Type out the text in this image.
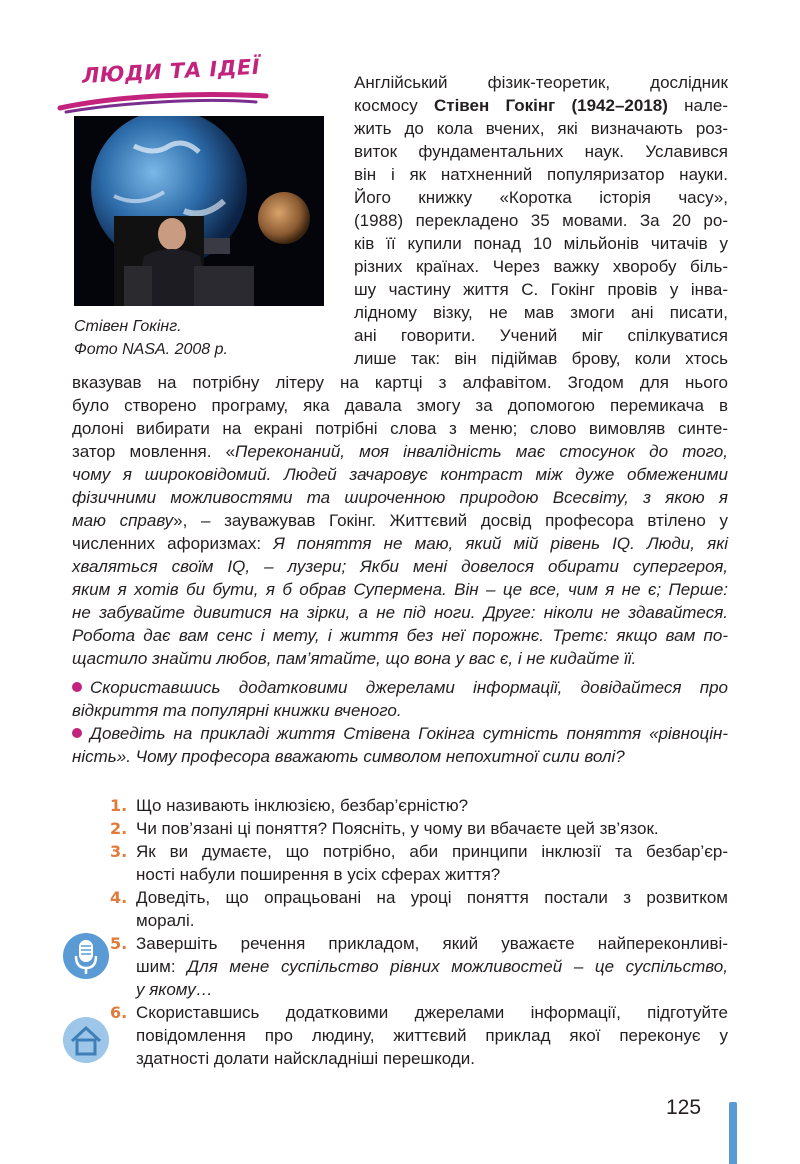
ЛЮДИ ТА ІДЕЇ
Стівен Гокінг.
Фото NASA. 2008 р.
Англійський фізик-теоретик, дослідник
космосу Стівен Гокінг (1942–2018) нале-
жить до кола вчених, які визначають роз-
виток фундаментальних наук. Уславився
він і як натхненний популяризатор науки.
Його книжку «Коротка історія часу»,
(1988) перекладено 35 мовами. За 20 ро-
ків її купили понад 10 мільйонів читачів у
різних країнах. Через важку хворобу біль-
шу частину життя С. Гокінг провів у інва-
лідному візку, не мав змоги ані писати,
ані говорити. Учений міг спілкуватися
лише так: він підіймав брову, коли хтось
вказував на потрібну літеру на картці з алфавітом. Згодом для нього
було створено програму, яка давала змогу за допомогою перемикача в
долоні вибирати на екрані потрібні слова з меню; слово вимовляв синте-
затор мовлення. «Переконаний, моя інвалідність має стосунок до того,
чому я широковідомий. Людей зачаровує контраст між дуже обмеженими
фізичними можливостями та широченною природою Всесвіту, з якою я
маю справу», – зауважував Гокінг. Життєвий досвід професора втілено у
численних афоризмах: Я поняття не маю, який мій рівень IQ. Люди, які
хваляться своїм IQ, – лузери; Якби мені довелося обирати супергероя,
яким я хотів би бути, я б обрав Супермена. Він – це все, чим я не є; Перше:
не забувайте дивитися на зірки, а не під ноги. Друге: ніколи не здавайтеся.
Робота дає вам сенс і мету, і життя без неї порожнє. Третє: якщо вам по-
щастило знайти любов, пам’ятайте, що вона у вас є, і не кидайте її.
Скориставшись додатковими джерелами інформації, довідайтеся про
відкриття та популярні книжки вченого.
Доведіть на прикладі життя Стівена Гокінга сутність поняття «рівноцін-
ність». Чому професора вважають символом непохитної сили волі?
1. Що називають інклюзією, безбар’єрністю?
2. Чи пов’язані ці поняття? Поясніть, у чому ви вбачаєте цей зв’язок.
3. Як ви думаєте, що потрібно, аби принципи інклюзії та безбар’єр-
ності набули поширення в усіх сферах життя?
4. Доведіть, що опрацьовані на уроці поняття постали з розвитком
моралі.
5. Завершіть речення прикладом, який уважаєте найпереконливі-
шим: Для мене суспільство рівних можливостей – це суспільство,
у якому…
6. Скориставшись додатковими джерелами інформації, підготуйте
повідомлення про людину, життєвий приклад якої переконує у
здатності долати найскладніші перешкоди.
125
